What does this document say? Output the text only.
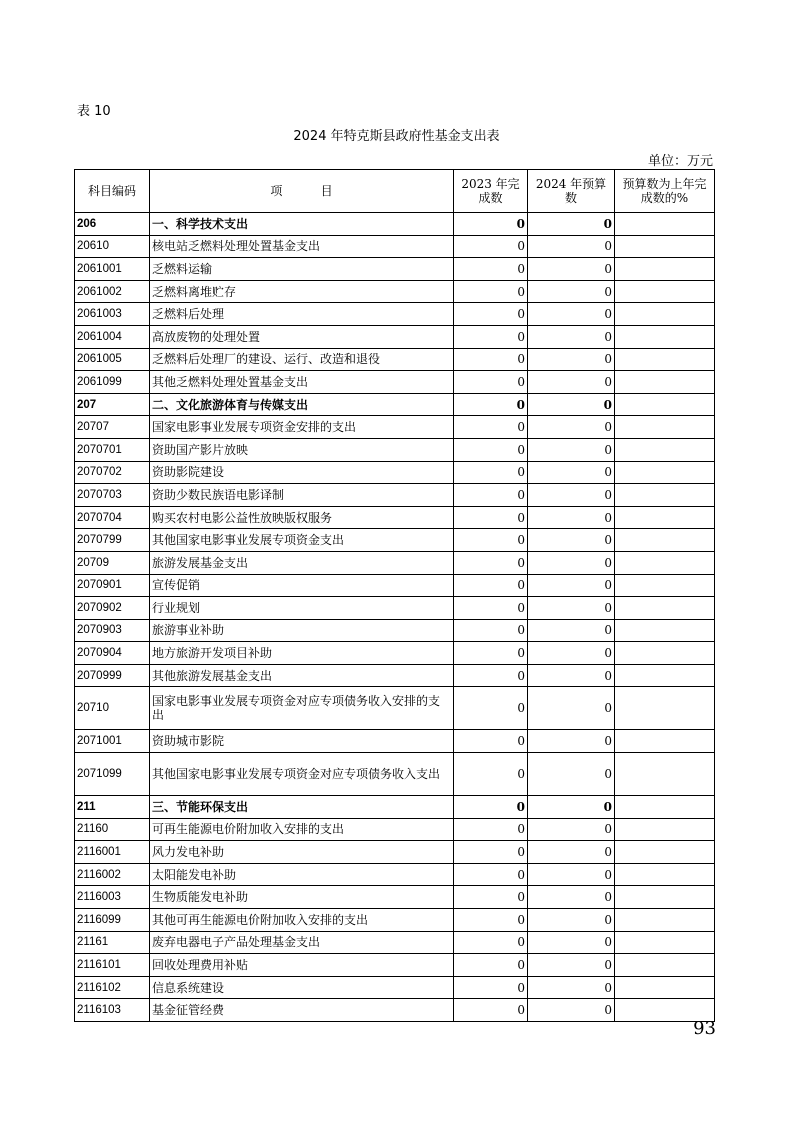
表 10
2024 年特克斯县政府性基金支出表
单位：万元
科目编码	项          目	2023 年完成数	2024 年预算数	预算数为上年完成数的%
206	一、科学技术支出	0	0	
20610	核电站乏燃料处理处置基金支出	0	0	
2061001	乏燃料运输	0	0	
2061002	乏燃料离堆贮存	0	0	
2061003	乏燃料后处理	0	0	
2061004	高放废物的处理处置	0	0	
2061005	乏燃料后处理厂的建设、运行、改造和退役	0	0	
2061099	其他乏燃料处理处置基金支出	0	0	
207	二、文化旅游体育与传媒支出	0	0	
20707	国家电影事业发展专项资金安排的支出	0	0	
2070701	资助国产影片放映	0	0	
2070702	资助影院建设	0	0	
2070703	资助少数民族语电影译制	0	0	
2070704	购买农村电影公益性放映版权服务	0	0	
2070799	其他国家电影事业发展专项资金支出	0	0	
20709	旅游发展基金支出	0	0	
2070901	宣传促销	0	0	
2070902	行业规划	0	0	
2070903	旅游事业补助	0	0	
2070904	地方旅游开发项目补助	0	0	
2070999	其他旅游发展基金支出	0	0	
20710	国家电影事业发展专项资金对应专项债务收入安排的支出	0	0	
2071001	资助城市影院	0	0	
2071099	其他国家电影事业发展专项资金对应专项债务收入支出	0	0	
211	三、节能环保支出	0	0	
21160	可再生能源电价附加收入安排的支出	0	0	
2116001	风力发电补助	0	0	
2116002	太阳能发电补助	0	0	
2116003	生物质能发电补助	0	0	
2116099	其他可再生能源电价附加收入安排的支出	0	0	
21161	废弃电器电子产品处理基金支出	0	0	
2116101	回收处理费用补贴	0	0	
2116102	信息系统建设	0	0	
2116103	基金征管经费	0	0	
93
